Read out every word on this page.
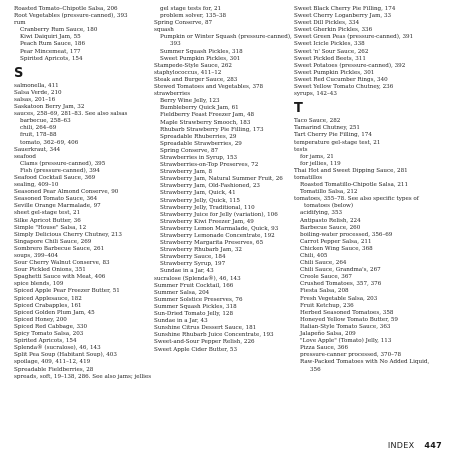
Roasted Tomato–Chipotle Salsa, 206
Root Vegetables (pressure-canned), 393
rum
Cranberry Rum Sauce, 180
Kiwi Daiquiri Jam, 55
Peach Rum Sauce, 186
Pear Mincemeat, 177
Spirited Apricots, 154
S
salmonella, 411
Salsa Verde, 210
salsas, 201–16
Saskatoon Berry Jam, 32
sauces, 258–69, 281–83. See also salsas
barbecue, 258–63
chili, 264–69
fruit, 178–88
tomato, 362–69, 406
Sauerkraut, 344
seafood
Clams (pressure-canned), 395
Fish (pressure-canned), 394
Seafood Cocktail Sauce, 369
sealing, 409–10
Seasoned Pear Almond Conserve, 90
Seasoned Tomato Sauce, 364
Seville Orange Marmalade, 97
sheet gel-stage test, 21
Silke Apricot Butter, 36
Simple "House" Salsa, 12
Simply Delicious Cherry Chutney, 213
Singapore Chili Sauce, 269
Sombrero Barbecue Sauce, 261
soups, 399–404
Sour Cherry Walnut Conserve, 83
Sour Pickled Onions, 351
Spaghetti Sauce with Meat, 406
spice blends, 109
Spiced Apple Pear Freezer Butter, 51
Spiced Applesauce, 182
Spiced Crabapples, 161
Spiced Golden Plum Jam, 45
Spiced Honey, 200
Spiced Red Cabbage, 330
Spicy Tomato Salsa, 203
Spirited Apricots, 154
Splenda® (sucralose), 46, 143
Split Pea Soup (Habitant Soup), 403
spoilage, 409, 411–12, 419
Spreadable Fieldberries, 28
spreads, soft, 19–138, 286. See also jams; jellies
gel stage tests for, 21
problem solver, 135–38
Spring Conserve, 87
squash
Pumpkin or Winter Squash (pressure-canned), 393
Summer Squash Pickles, 318
Sweet Pumpkin Pickles, 301
Stampede-Style Sauce, 262
staphylococcus, 411–12
Steak and Burger Sauce, 283
Stewed Tomatoes and Vegetables, 378
strawberries
Berry Wine Jelly, 123
Bumbleberry Quick Jam, 61
Fieldberry Feast Freezer Jam, 48
Maple Strawberry Smooch, 183
Rhubarb Strawberry Pie Filling, 173
Spreadable Rhuberries, 29
Spreadable Strawberries, 29
Spring Conserve, 87
Strawberries in Syrup, 153
Strawberries-on-Top Preserves, 72
Strawberry Jam, 8
Strawberry Jam, Natural Summer Fruit, 26
Strawberry Jam, Old-Fashioned, 23
Strawberry Jam, Quick, 41
Strawberry Jelly, Quick, 115
Strawberry Jelly, Traditional, 110
Strawberry Juice for Jelly (variation), 106
Strawberry Kiwi Freezer Jam, 49
Strawberry Lemon Marmalade, Quick, 93
Strawberry Lemonade Concentrate, 192
Strawberry Margarita Preserves, 65
Strawberry Rhubarb Jam, 32
Strawberry Sauce, 184
Strawberry Syrup, 197
Sundae in a Jar, 43
sucralose (Splenda®), 46, 143
Summer Fruit Cocktail, 166
Summer Salsa, 204
Summer Solstice Preserves, 76
Summer Squash Pickles, 318
Sun-Dried Tomato Jelly, 128
Sundae in a Jar, 43
Sunshine Citrus Dessert Sauce, 181
Sunshine Rhubarb Juice Concentrate, 193
Sweet-and-Sour Pepper Relish, 226
Sweet Apple Cider Butter, 53
Sweet Black Cherry Pie Filling, 174
Sweet Cherry Loganberry Jam, 33
Sweet Dill Pickles, 334
Sweet Gherkin Pickles, 336
Sweet Green Peas (pressure-canned), 391
Sweet Icicle Pickles, 338
Sweet 'n' Sour Sauce, 262
Sweet Pickled Beets, 311
Sweet Potatoes (pressure-canned), 392
Sweet Pumpkin Pickles, 301
Sweet Red Cucumber Rings, 340
Sweet Yellow Tomato Chutney, 236
syrups, 142–43
T
Taco Sauce, 282
Tamarind Chutney, 251
Tart Cherry Pie Filling, 174
temperature gel-stage test, 21
tests
for jams, 21
for jellies, 119
Thai Hot and Sweet Dipping Sauce, 281
tomatillos
Roasted Tomatillo-Chipotle Salsa, 211
Tomatillo Salsa, 212
tomatoes, 355–78. See also specific types of tomatoes (below)
acidifying, 353
Antipasto Relish, 224
Barbecue Sauce, 260
boiling-water processed, 356–69
Carrot Pepper Salsa, 211
Chicken Wing Sauce, 368
Chili, 405
Chili Sauce, 264
Chili Sauce, Grandma's, 267
Creole Sauce, 367
Crushed Tomatoes, 357, 376
Fiesta Salsa, 208
Fresh Vegetable Salsa, 203
Fruit Ketchup, 236
Herbed Seasoned Tomatoes, 358
Honeyed Yellow Tomato Butter, 59
Italian-Style Tomato Sauce, 363
Jalapeño Salsa, 209
"Love Apple" (Tomato) Jelly, 113
Pizza Sauce, 366
pressure-canner processed, 370–78
Raw-Packed Tomatoes with No Added Liquid, 356
INDEX 447
